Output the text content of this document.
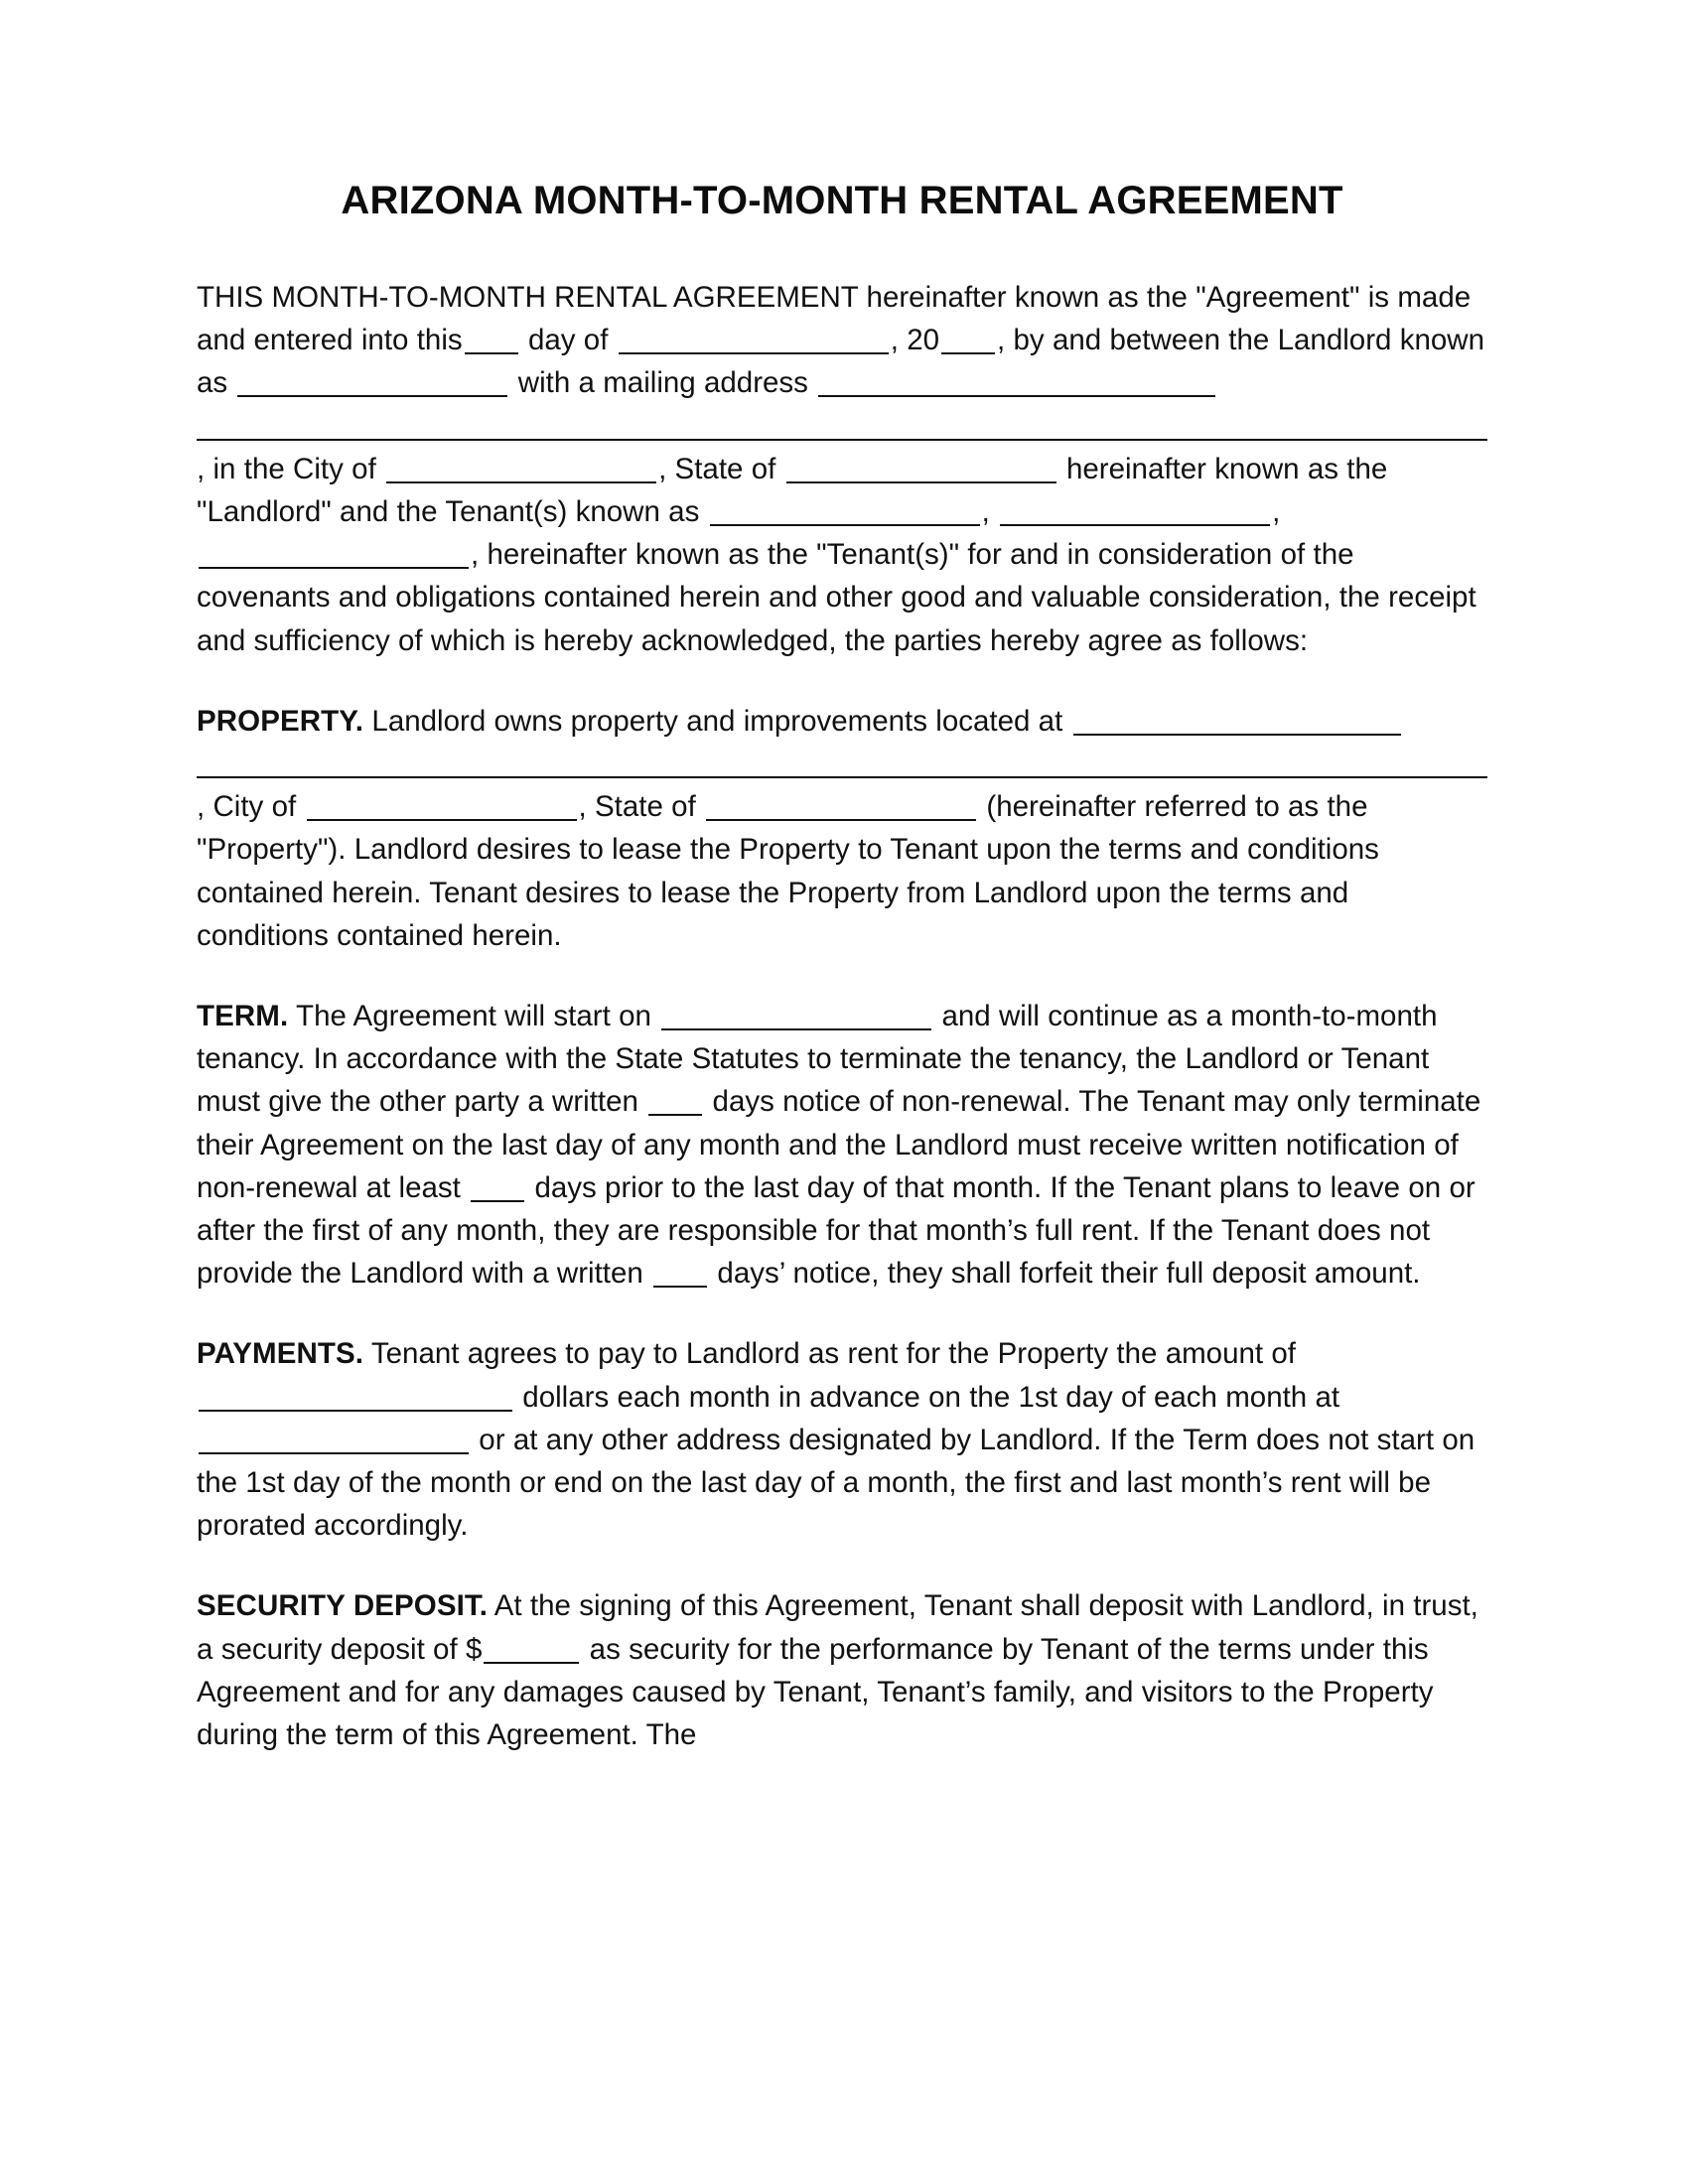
ARIZONA MONTH-TO-MONTH RENTAL AGREEMENT

THIS MONTH-TO-MONTH RENTAL AGREEMENT hereinafter known as the "Agreement" is made and entered into this day of	, 20 , by and between the Landlord known as	with a mailing address , in the City of	, State of	hereinafter known as the "Landlord" and the Tenant(s) known as	,	, , hereinafter known as the "Tenant(s)" for and in consideration of the covenants and obligations contained herein and other good and valuable consideration, the receipt and sufficiency of which is hereby acknowledged, the parties hereby agree as follows:

PROPERTY. Landlord owns property and improvements located at , City of	, State of	(hereinafter referred to as the "Property"). Landlord desires to lease the Property to Tenant upon the terms and conditions contained herein. Tenant desires to lease the Property from Landlord upon the terms and conditions contained herein.

TERM. The Agreement will start on	and will continue as a month-to-month tenancy. In accordance with the State Statutes to terminate the tenancy, the Landlord or Tenant must give the other party a written	days notice of non-renewal. The Tenant may only terminate their Agreement on the last day of any month and the Landlord must receive written notification of non-renewal at least	days prior to the last day of that month. If the Tenant plans to leave on or after the first of any month, they are responsible for that month’s full rent. If the Tenant does not provide the Landlord with a written	days’ notice, they shall forfeit their full deposit amount.

PAYMENTS. Tenant agrees to pay to Landlord as rent for the Property the amount of  dollars each month in advance on the 1st day of each month at  or at any other address designated by Landlord. If the Term does not start on the 1st day of the month or end on the last day of a month, the first and last month’s rent will be prorated accordingly.

SECURITY DEPOSIT. At the signing of this Agreement, Tenant shall deposit with Landlord, in trust, a security deposit of $	as security for the performance by Tenant of the terms under this Agreement and for any damages caused by Tenant, Tenant’s family, and visitors to the Property during the term of this Agreement. The
